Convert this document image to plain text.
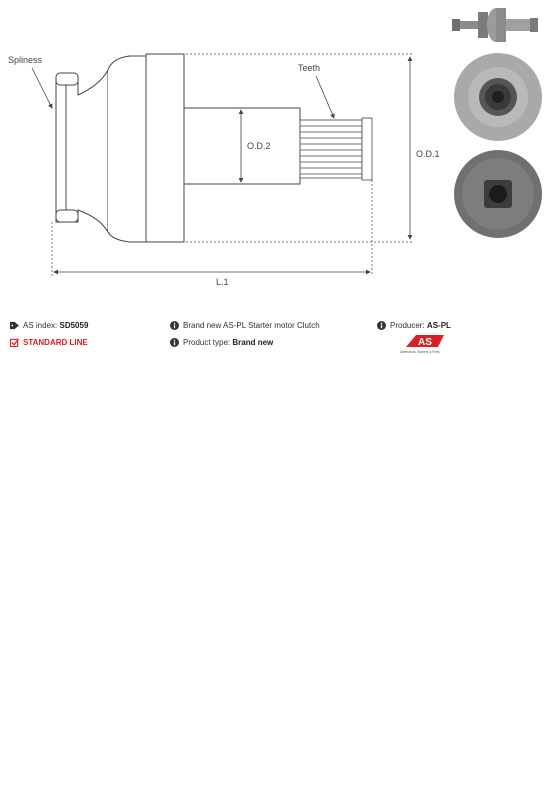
O.D.2
O.D.1
L.1
Spliness
Teeth
AS index:
SD5059
STANDARD LINE
Brand new AS-PL Starter motor Clutch
Product type:
Brand new
Producer:
AS-PL
AS
Alternators, Starters & Parts
